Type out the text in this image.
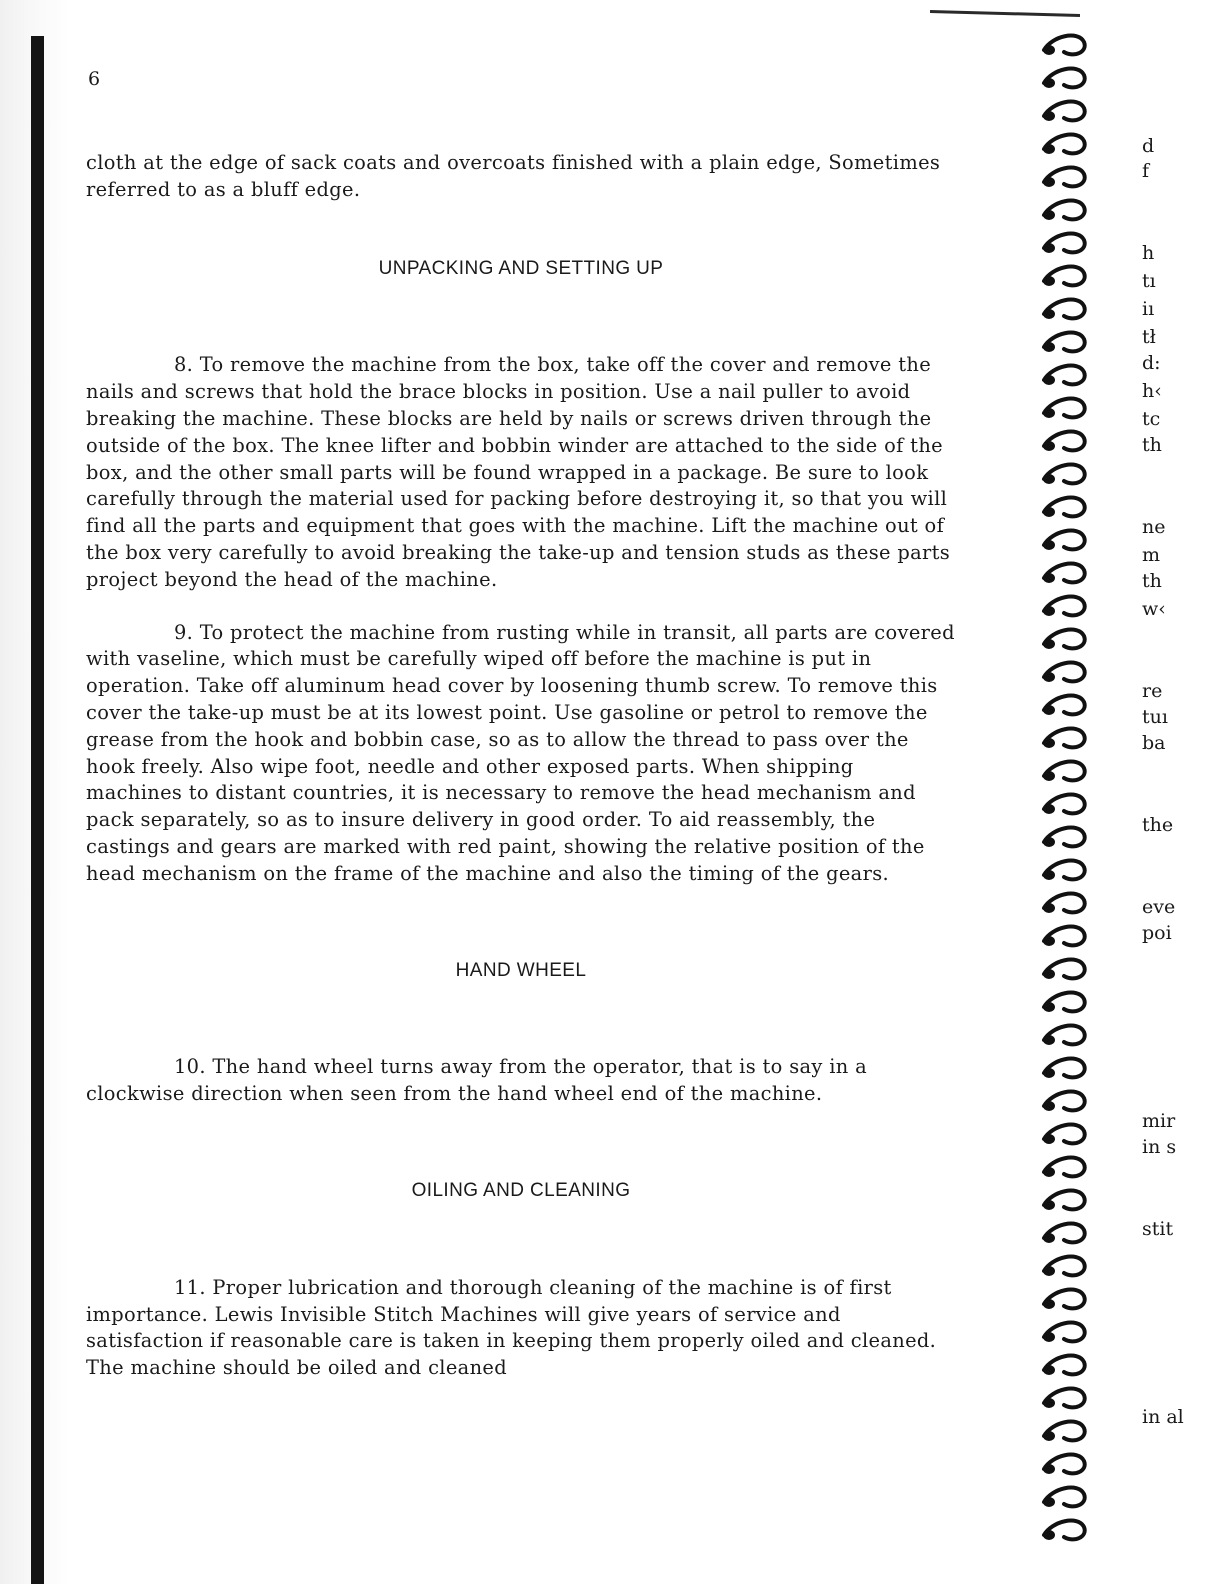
6

cloth at the edge of sack coats and overcoats finished with a plain edge, Sometimes referred to as a bluff edge.

UNPACKING AND SETTING UP

8. To remove the machine from the box, take off the cover and remove the nails and screws that hold the brace blocks in position. Use a nail puller to avoid breaking the machine. These blocks are held by nails or screws driven through the outside of the box. The knee lifter and bobbin winder are attached to the side of the box, and the other small parts will be found wrapped in a package. Be sure to look carefully through the material used for packing before destroying it, so that you will find all the parts and equipment that goes with the machine. Lift the machine out of the box very carefully to avoid breaking the take-up and tension studs as these parts project beyond the head of the machine.

9. To protect the machine from rusting while in transit, all parts are covered with vaseline, which must be carefully wiped off before the machine is put in operation. Take off aluminum head cover by loosening thumb screw. To remove this cover the take-up must be at its lowest point. Use gasoline or petrol to remove the grease from the hook and bobbin case, so as to allow the thread to pass over the hook freely. Also wipe foot, needle and other exposed parts. When shipping machines to distant countries, it is necessary to remove the head mechanism and pack separately, so as to insure delivery in good order. To aid reassembly, the castings and gears are marked with red paint, showing the relative position of the head mechanism on the frame of the machine and also the timing of the gears.

HAND WHEEL

10. The hand wheel turns away from the operator, that is to say in a clockwise direction when seen from the hand wheel end of the machine.

OILING AND CLEANING

11. Proper lubrication and thorough cleaning of the machine is of first importance. Lewis Invisible Stitch Machines will give years of service and satisfaction if reasonable care is taken in keeping them properly oiled and cleaned. The machine should be oiled and cleaned

d
f
h
tı
iı
tł
d:
h‹
tc
th
ne
m
th
w‹
re
tuı
ba
the
eve
poi
mir
in s
stit
in al
